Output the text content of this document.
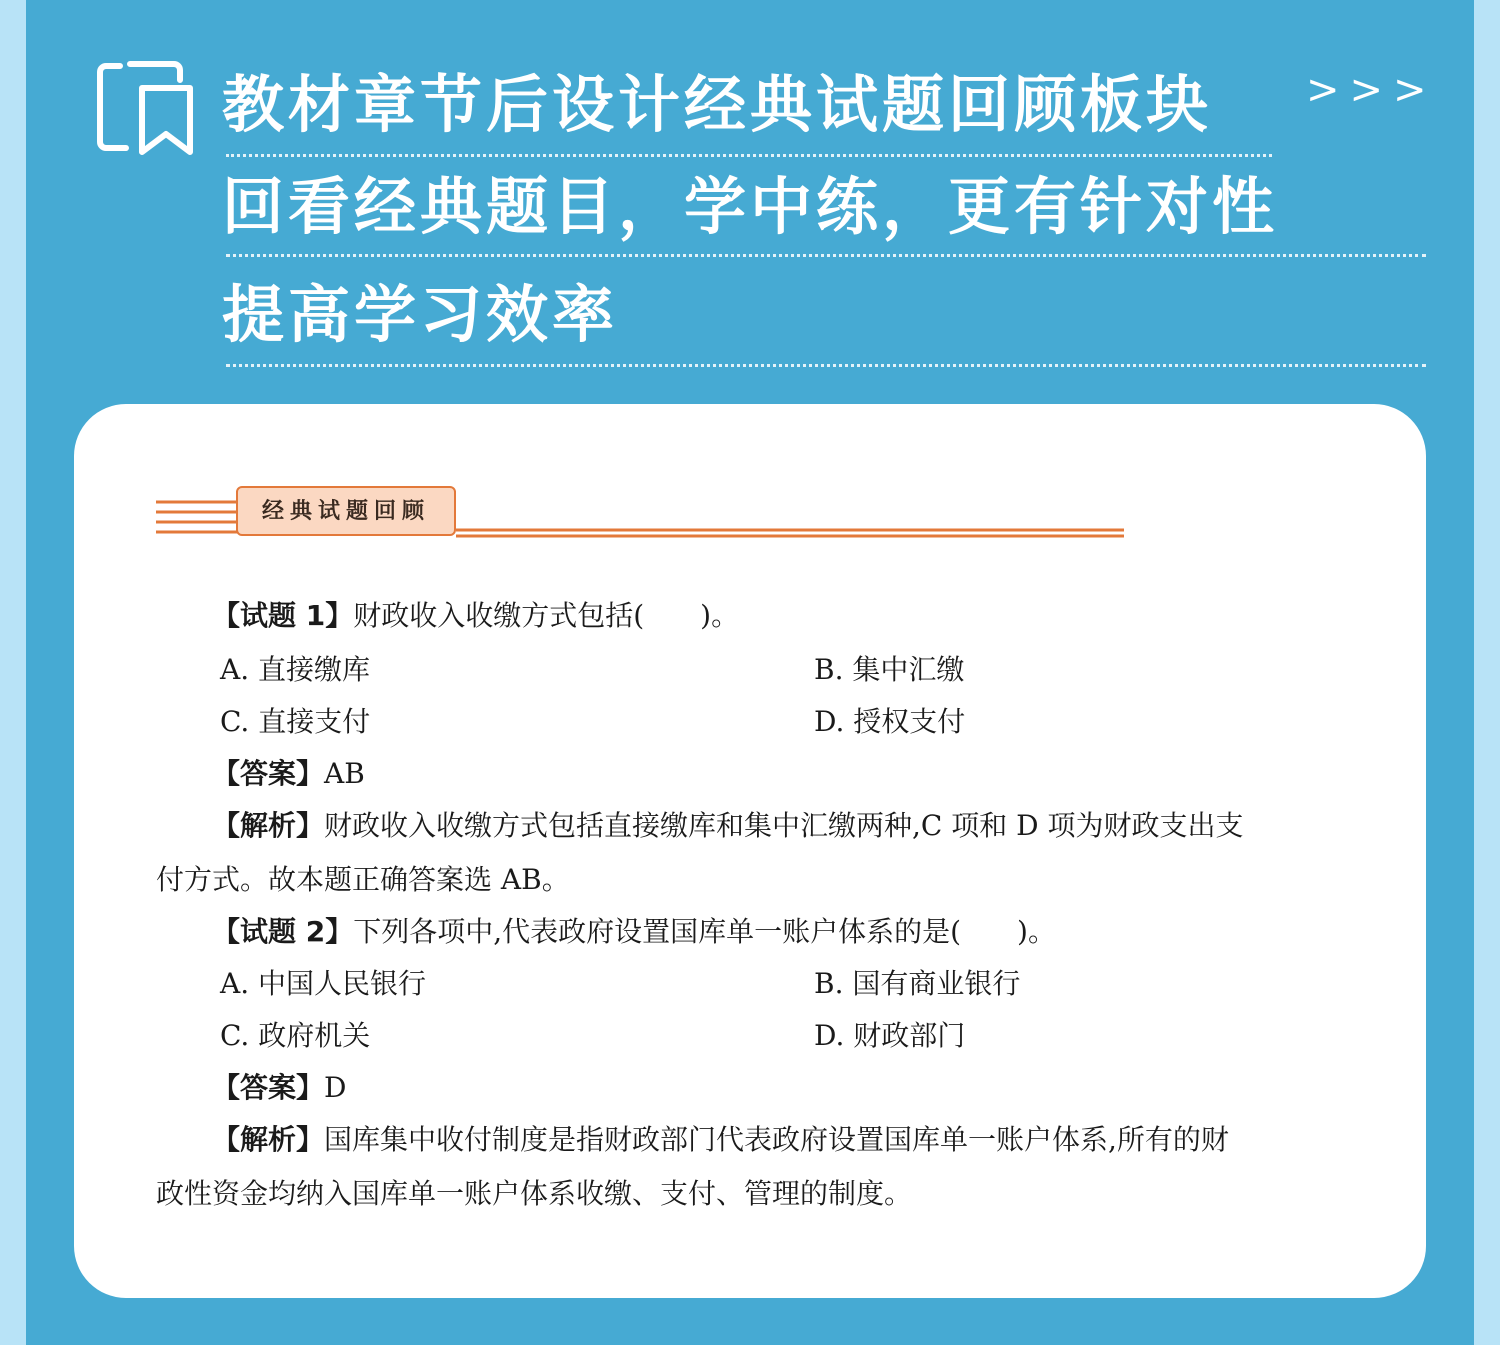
教材章节后设计经典试题回顾板块 >>>
回看经典题目，学中练，更有针对性
提高学习效率
经典试题回顾
【试题 1】财政收入收缴方式包括(　　)。
A. 直接缴库	B. 集中汇缴
C. 直接支付	D. 授权支付
【答案】AB
【解析】财政收入收缴方式包括直接缴库和集中汇缴两种,C 项和 D 项为财政支出支
付方式。故本题正确答案选 AB。
【试题 2】下列各项中,代表政府设置国库单一账户体系的是(　　)。
A. 中国人民银行	B. 国有商业银行
C. 政府机关	D. 财政部门
【答案】D
【解析】国库集中收付制度是指财政部门代表政府设置国库单一账户体系,所有的财
政性资金均纳入国库单一账户体系收缴、支付、管理的制度。
